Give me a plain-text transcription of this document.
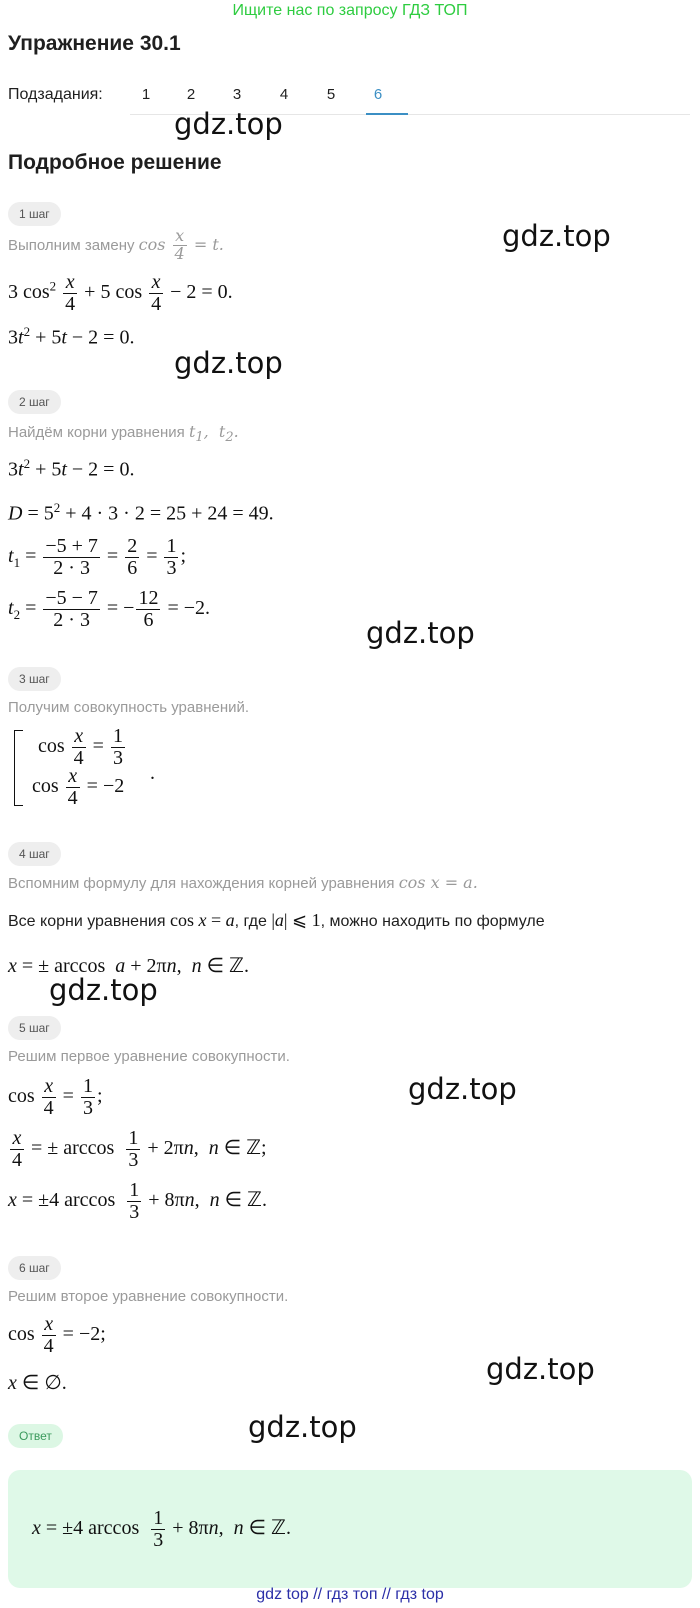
Ищите нас по запросу ГДЗ ТОП
Упражнение 30.1
Подзадания:	1	2	3	4	5	6
gdz.top
gdz.top
gdz.top
gdz.top
gdz.top
gdz.top
gdz.top
gdz.top
Подробное решение
1 шаг
Выполним замену $\cos \frac{x}{4} = t$.
3 $\cos^2 \frac{x}{4} + 5$ $\cos \frac{x}{4} - 2 = 0$.
$3t^2 + 5t - 2 = 0$.
2 шаг
Найдём корни уравнения $t_1$,  $t_2$.
$3t^2 + 5t - 2 = 0$.
$D = 5^2 + 4 \cdot 3 \cdot 2 = 25 + 24 = 49$.
$t_1 = \frac{-5 + 7}{2 \cdot 3} = \frac{2}{6} = \frac{1}{3}$ ;
$t_2 = \frac{-5 - 7}{2 \cdot 3}$ = − $\frac{12}{6} = -2$.
3 шаг
Получим совокупность уравнений.
$\cos \frac{x}{4} = \frac{1}{3}$
.
$\cos \frac{x}{4} = -2$
4 шаг
Вспомним формулу для нахождения корней уравнения cos x = a.
Все корни уравнения cos x = a, где |a| ⩽ 1, можно находить по формуле
x = ± arccos  a + 2πn,  n ∈ ℤ.
5 шаг
Решим первое уравнение совокупности.
$\cos \frac{x}{4} = \frac{1}{3}$ ;
$\frac{x}{4}$ = ± $\arccos \frac{1}{3} + 2\pi n$,  n ∈ ℤ;
x = ±4 $\arccos \frac{1}{3} + 8\pi n$,  n ∈ ℤ.
6 шаг
Решим второе уравнение совокупности.
$\cos \frac{x}{4} = -2$;
x ∈ ∅.
Ответ
x = ±4 $\arccos \frac{1}{3} + 8\pi n$,  n ∈ ℤ.
gdz top // гдз топ // гдз top
